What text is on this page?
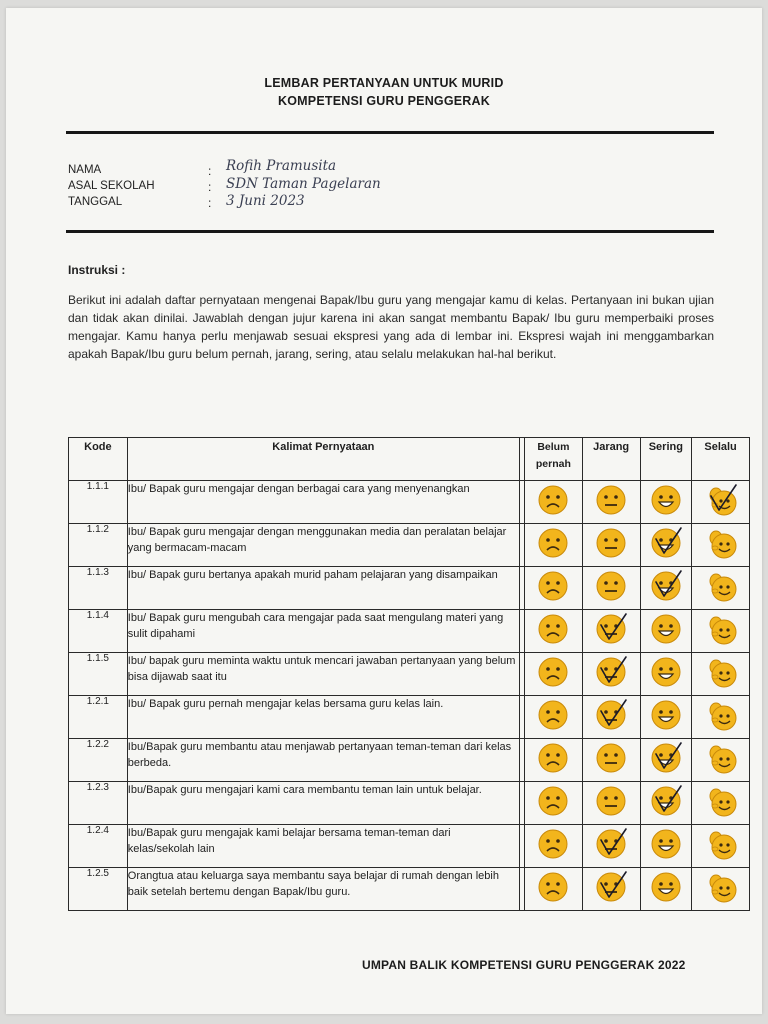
LEMBAR PERTANYAAN UNTUK MURID
KOMPETENSI GURU PENGGERAK
NAMA	: Rofih Pramusita
ASAL SEKOLAH	: SDN Taman Pagelaran
TANGGAL	: 3 Juni 2023
Instruksi :
Berikut ini adalah daftar pernyataan mengenai Bapak/Ibu guru yang mengajar kamu di kelas. Pertanyaan ini bukan ujian dan tidak akan dinilai. Jawablah dengan jujur karena ini akan sangat membantu Bapak/ Ibu guru memperbaiki proses mengajar. Kamu hanya perlu menjawab sesuai ekspresi yang ada di lembar ini. Ekspresi wajah ini menggambarkan apakah Bapak/Ibu guru belum pernah, jarang, sering, atau selalu melakukan hal-hal berikut.
Kode	Kalimat Pernyataan		Belum pernah	Jarang	Sering	Selalu
1.1.1	Ibu/ Bapak guru mengajar dengan berbagai cara yang menyenangkan					

1.1.2	Ibu/ Bapak guru mengajar dengan menggunakan media dan peralatan belajar yang bermacam-macam				

1.1.3	Ibu/ Bapak guru bertanya apakah murid paham pelajaran yang disampaikan				

1.1.4	Ibu/ Bapak guru mengubah cara mengajar pada saat mengulang materi yang sulit dipahami			

1.1.5	Ibu/ bapak guru meminta waktu untuk mencari jawaban pertanyaan yang belum bisa dijawab saat itu			

1.2.1	Ibu/ Bapak guru pernah mengajar kelas bersama guru kelas lain.			

1.2.2	Ibu/Bapak guru membantu atau menjawab pertanyaan teman-teman dari kelas berbeda.				

1.2.3	Ibu/Bapak guru mengajari kami cara membantu teman lain untuk belajar.				

1.2.4	Ibu/Bapak guru mengajak kami belajar bersama teman-teman dari kelas/sekolah lain			

1.2.5	Orangtua atau keluarga saya membantu saya belajar di rumah dengan lebih baik setelah bertemu dengan Bapak/Ibu guru.			

UMPAN BALIK KOMPETENSI GURU PENGGERAK 2022
